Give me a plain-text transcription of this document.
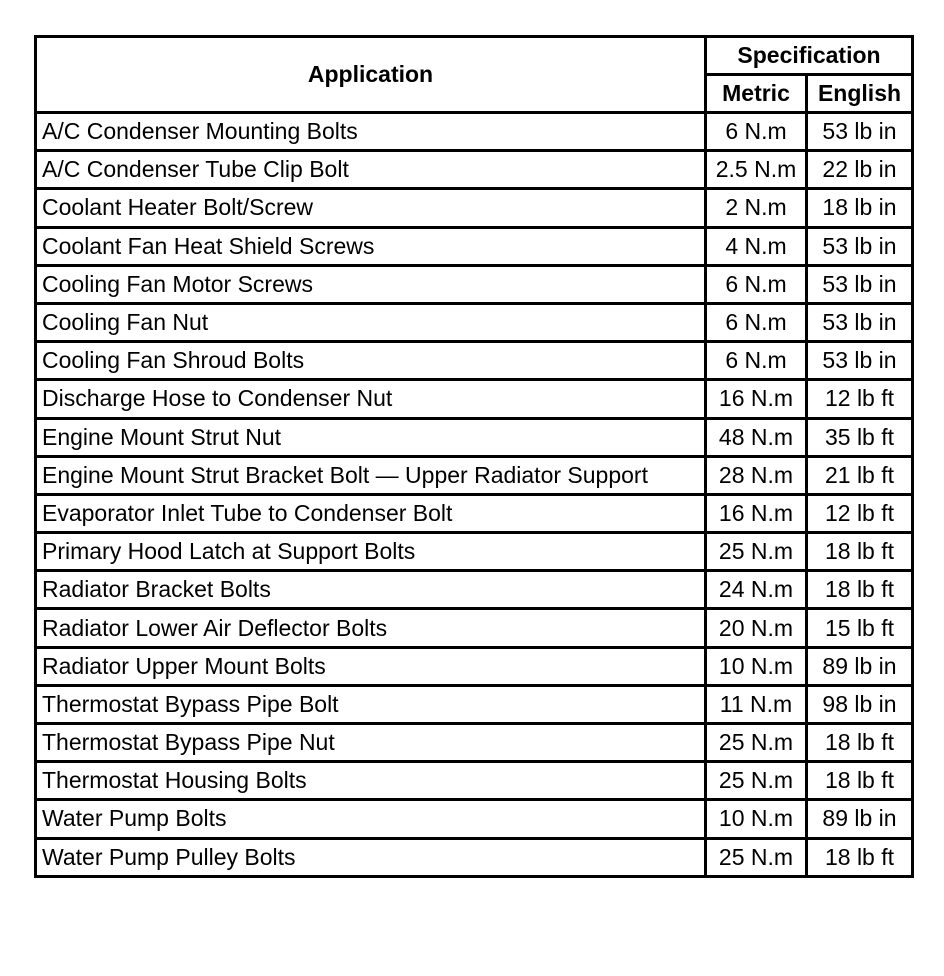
Application	Specification	
	Metric	English
A/C Condenser Mounting Bolts	6 N.m	53 lb in
A/C Condenser Tube Clip Bolt	2.5 N.m	22 lb in
Coolant Heater Bolt/Screw	2 N.m	18 lb in
Coolant Fan Heat Shield Screws	4 N.m	53 lb in
Cooling Fan Motor Screws	6 N.m	53 lb in
Cooling Fan Nut	6 N.m	53 lb in
Cooling Fan Shroud Bolts	6 N.m	53 lb in
Discharge Hose to Condenser Nut	16 N.m	12 lb ft
Engine Mount Strut Nut	48 N.m	35 lb ft
Engine Mount Strut Bracket Bolt — Upper Radiator Support	28 N.m	21 lb ft
Evaporator Inlet Tube to Condenser Bolt	16 N.m	12 lb ft
Primary Hood Latch at Support Bolts	25 N.m	18 lb ft
Radiator Bracket Bolts	24 N.m	18 lb ft
Radiator Lower Air Deflector Bolts	20 N.m	15 lb ft
Radiator Upper Mount Bolts	10 N.m	89 lb in
Thermostat Bypass Pipe Bolt	11 N.m	98 lb in
Thermostat Bypass Pipe Nut	25 N.m	18 lb ft
Thermostat Housing Bolts	25 N.m	18 lb ft
Water Pump Bolts	10 N.m	89 lb in
Water Pump Pulley Bolts	25 N.m	18 lb ft
